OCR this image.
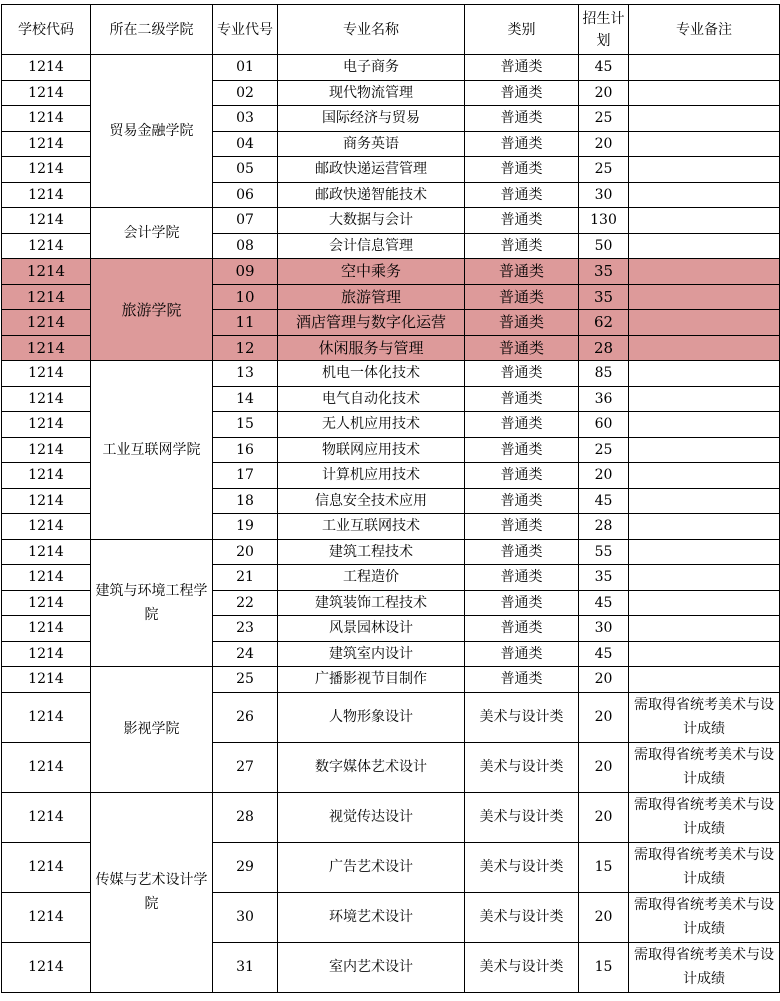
学校代码	所在二级学院	专业代号	专业名称	类别	招生计划	专业备注
1214	贸易金融学院	01	电子商务	普通类	45	
1214		02	现代物流管理	普通类	20	
1214		03	国际经济与贸易	普通类	25	
1214		04	商务英语	普通类	20	
1214		05	邮政快递运营管理	普通类	25	
1214		06	邮政快递智能技术	普通类	30	
1214	会计学院	07	大数据与会计	普通类	130	
1214		08	会计信息管理	普通类	50	
1214	旅游学院	09	空中乘务	普通类	35	
1214		10	旅游管理	普通类	35	
1214		11	酒店管理与数字化运营	普通类	62	
1214		12	休闲服务与管理	普通类	28	
1214	工业互联网学院	13	机电一体化技术	普通类	85	
1214		14	电气自动化技术	普通类	36	
1214		15	无人机应用技术	普通类	60	
1214		16	物联网应用技术	普通类	25	
1214		17	计算机应用技术	普通类	20	
1214		18	信息安全技术应用	普通类	45	
1214		19	工业互联网技术	普通类	28	
1214	建筑与环境工程学院	20	建筑工程技术	普通类	55	
1214		21	工程造价	普通类	35	
1214		22	建筑装饰工程技术	普通类	45	
1214		23	风景园林设计	普通类	30	
1214		24	建筑室内设计	普通类	45	
1214	影视学院	25	广播影视节目制作	普通类	20	
1214		26	人物形象设计	美术与设计类	20	需取得省统考美术与设计成绩
1214		27	数字媒体艺术设计	美术与设计类	20	需取得省统考美术与设计成绩
1214	传媒与艺术设计学院	28	视觉传达设计	美术与设计类	20	需取得省统考美术与设计成绩
1214		29	广告艺术设计	美术与设计类	15	需取得省统考美术与设计成绩
1214		30	环境艺术设计	美术与设计类	20	需取得省统考美术与设计成绩
1214		31	室内艺术设计	美术与设计类	15	需取得省统考美术与设计成绩
